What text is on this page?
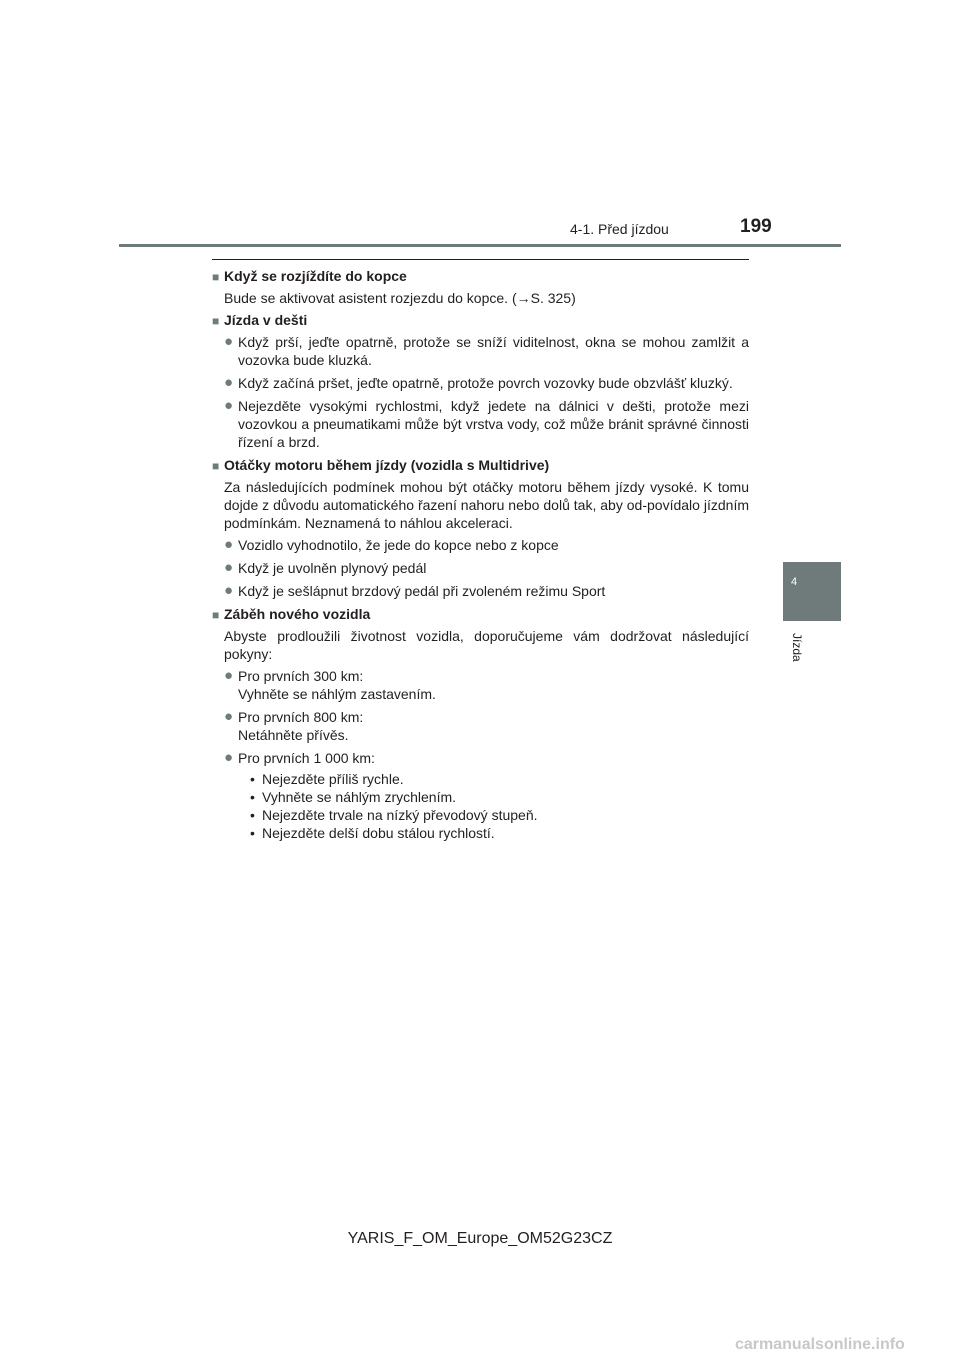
4-1. Před jízdou	199
4
Jízda
■ Když se rozjíždíte do kopce
Bude se aktivovat asistent rozjezdu do kopce. (→S. 325)
■ Jízda v dešti
● Když prší, jeďte opatrně, protože se sníží viditelnost, okna se mohou zamlžit a vozovka bude kluzká.
● Když začíná pršet, jeďte opatrně, protože povrch vozovky bude obzvlášť kluzký.
● Nejezděte vysokými rychlostmi, když jedete na dálnici v dešti, protože mezi vozovkou a pneumatikami může být vrstva vody, což může bránit správné činnosti řízení a brzd.
■ Otáčky motoru během jízdy (vozidla s Multidrive)
Za následujících podmínek mohou být otáčky motoru během jízdy vysoké. K tomu dojde z důvodu automatického řazení nahoru nebo dolů tak, aby od-povídalo jízdním podmínkám. Neznamená to náhlou akceleraci.
● Vozidlo vyhodnotilo, že jede do kopce nebo z kopce
● Když je uvolněn plynový pedál
● Když je sešlápnut brzdový pedál při zvoleném režimu Sport
■ Záběh nového vozidla
Abyste prodloužili životnost vozidla, doporučujeme vám dodržovat následující pokyny:
● Pro prvních 300 km:
Vyhněte se náhlým zastavením.
● Pro prvních 800 km:
Netáhněte přívěs.
● Pro prvních 1 000 km:
• Nejezděte příliš rychle.
• Vyhněte se náhlým zrychlením.
• Nejezděte trvale na nízký převodový stupeň.
• Nejezděte delší dobu stálou rychlostí.
YARIS_F_OM_Europe_OM52G23CZ
carmanualsonline.info
